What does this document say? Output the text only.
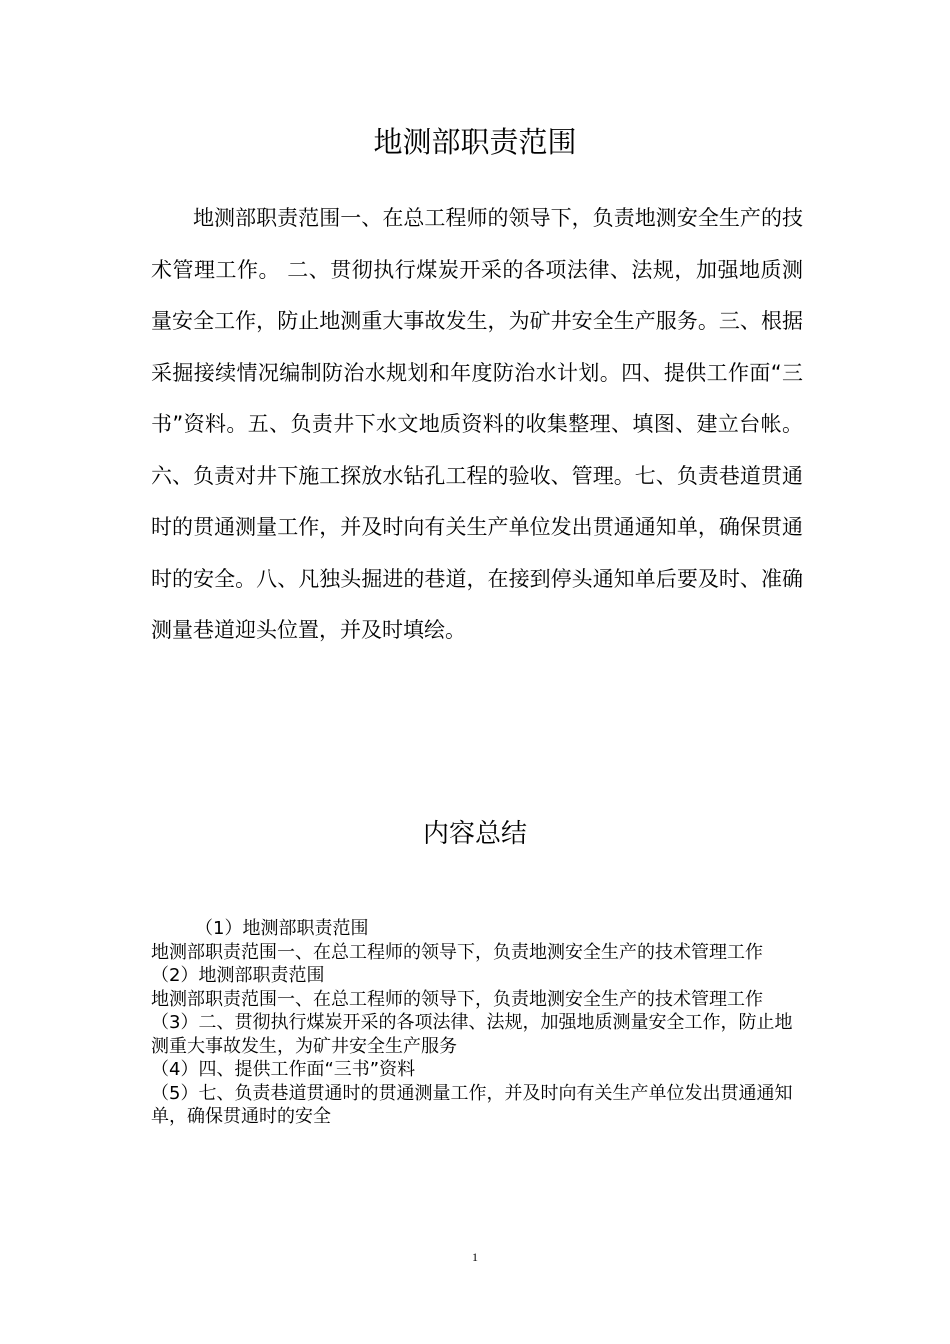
地测部职责范围

地测部职责范围一、在总工程师的领导下，负责地测安全生产的技术管理工作。 二、贯彻执行煤炭开采的各项法律、法规，加强地质测量安全工作，防止地测重大事故发生，为矿井安全生产服务。三、根据采掘接续情况编制防治水规划和年度防治水计划。四、提供工作面“三书”资料。五、负责井下水文地质资料的收集整理、填图、建立台帐。六、负责对井下施工探放水钻孔工程的验收、管理。七、负责巷道贯通时的贯通测量工作，并及时向有关生产单位发出贯通通知单，确保贯通时的安全。八、凡独头掘进的巷道，在接到停头通知单后要及时、准确测量巷道迎头位置，并及时填绘。

内容总结
（1）地测部职责范围
地测部职责范围一、在总工程师的领导下，负责地测安全生产的技术管理工作
（2）地测部职责范围
地测部职责范围一、在总工程师的领导下，负责地测安全生产的技术管理工作
（3）二、贯彻执行煤炭开采的各项法律、法规，加强地质测量安全工作，防止地测重大事故发生，为矿井安全生产服务
（4）四、提供工作面“三书”资料
（5）七、负责巷道贯通时的贯通测量工作，并及时向有关生产单位发出贯通通知单，确保贯通时的安全
1
